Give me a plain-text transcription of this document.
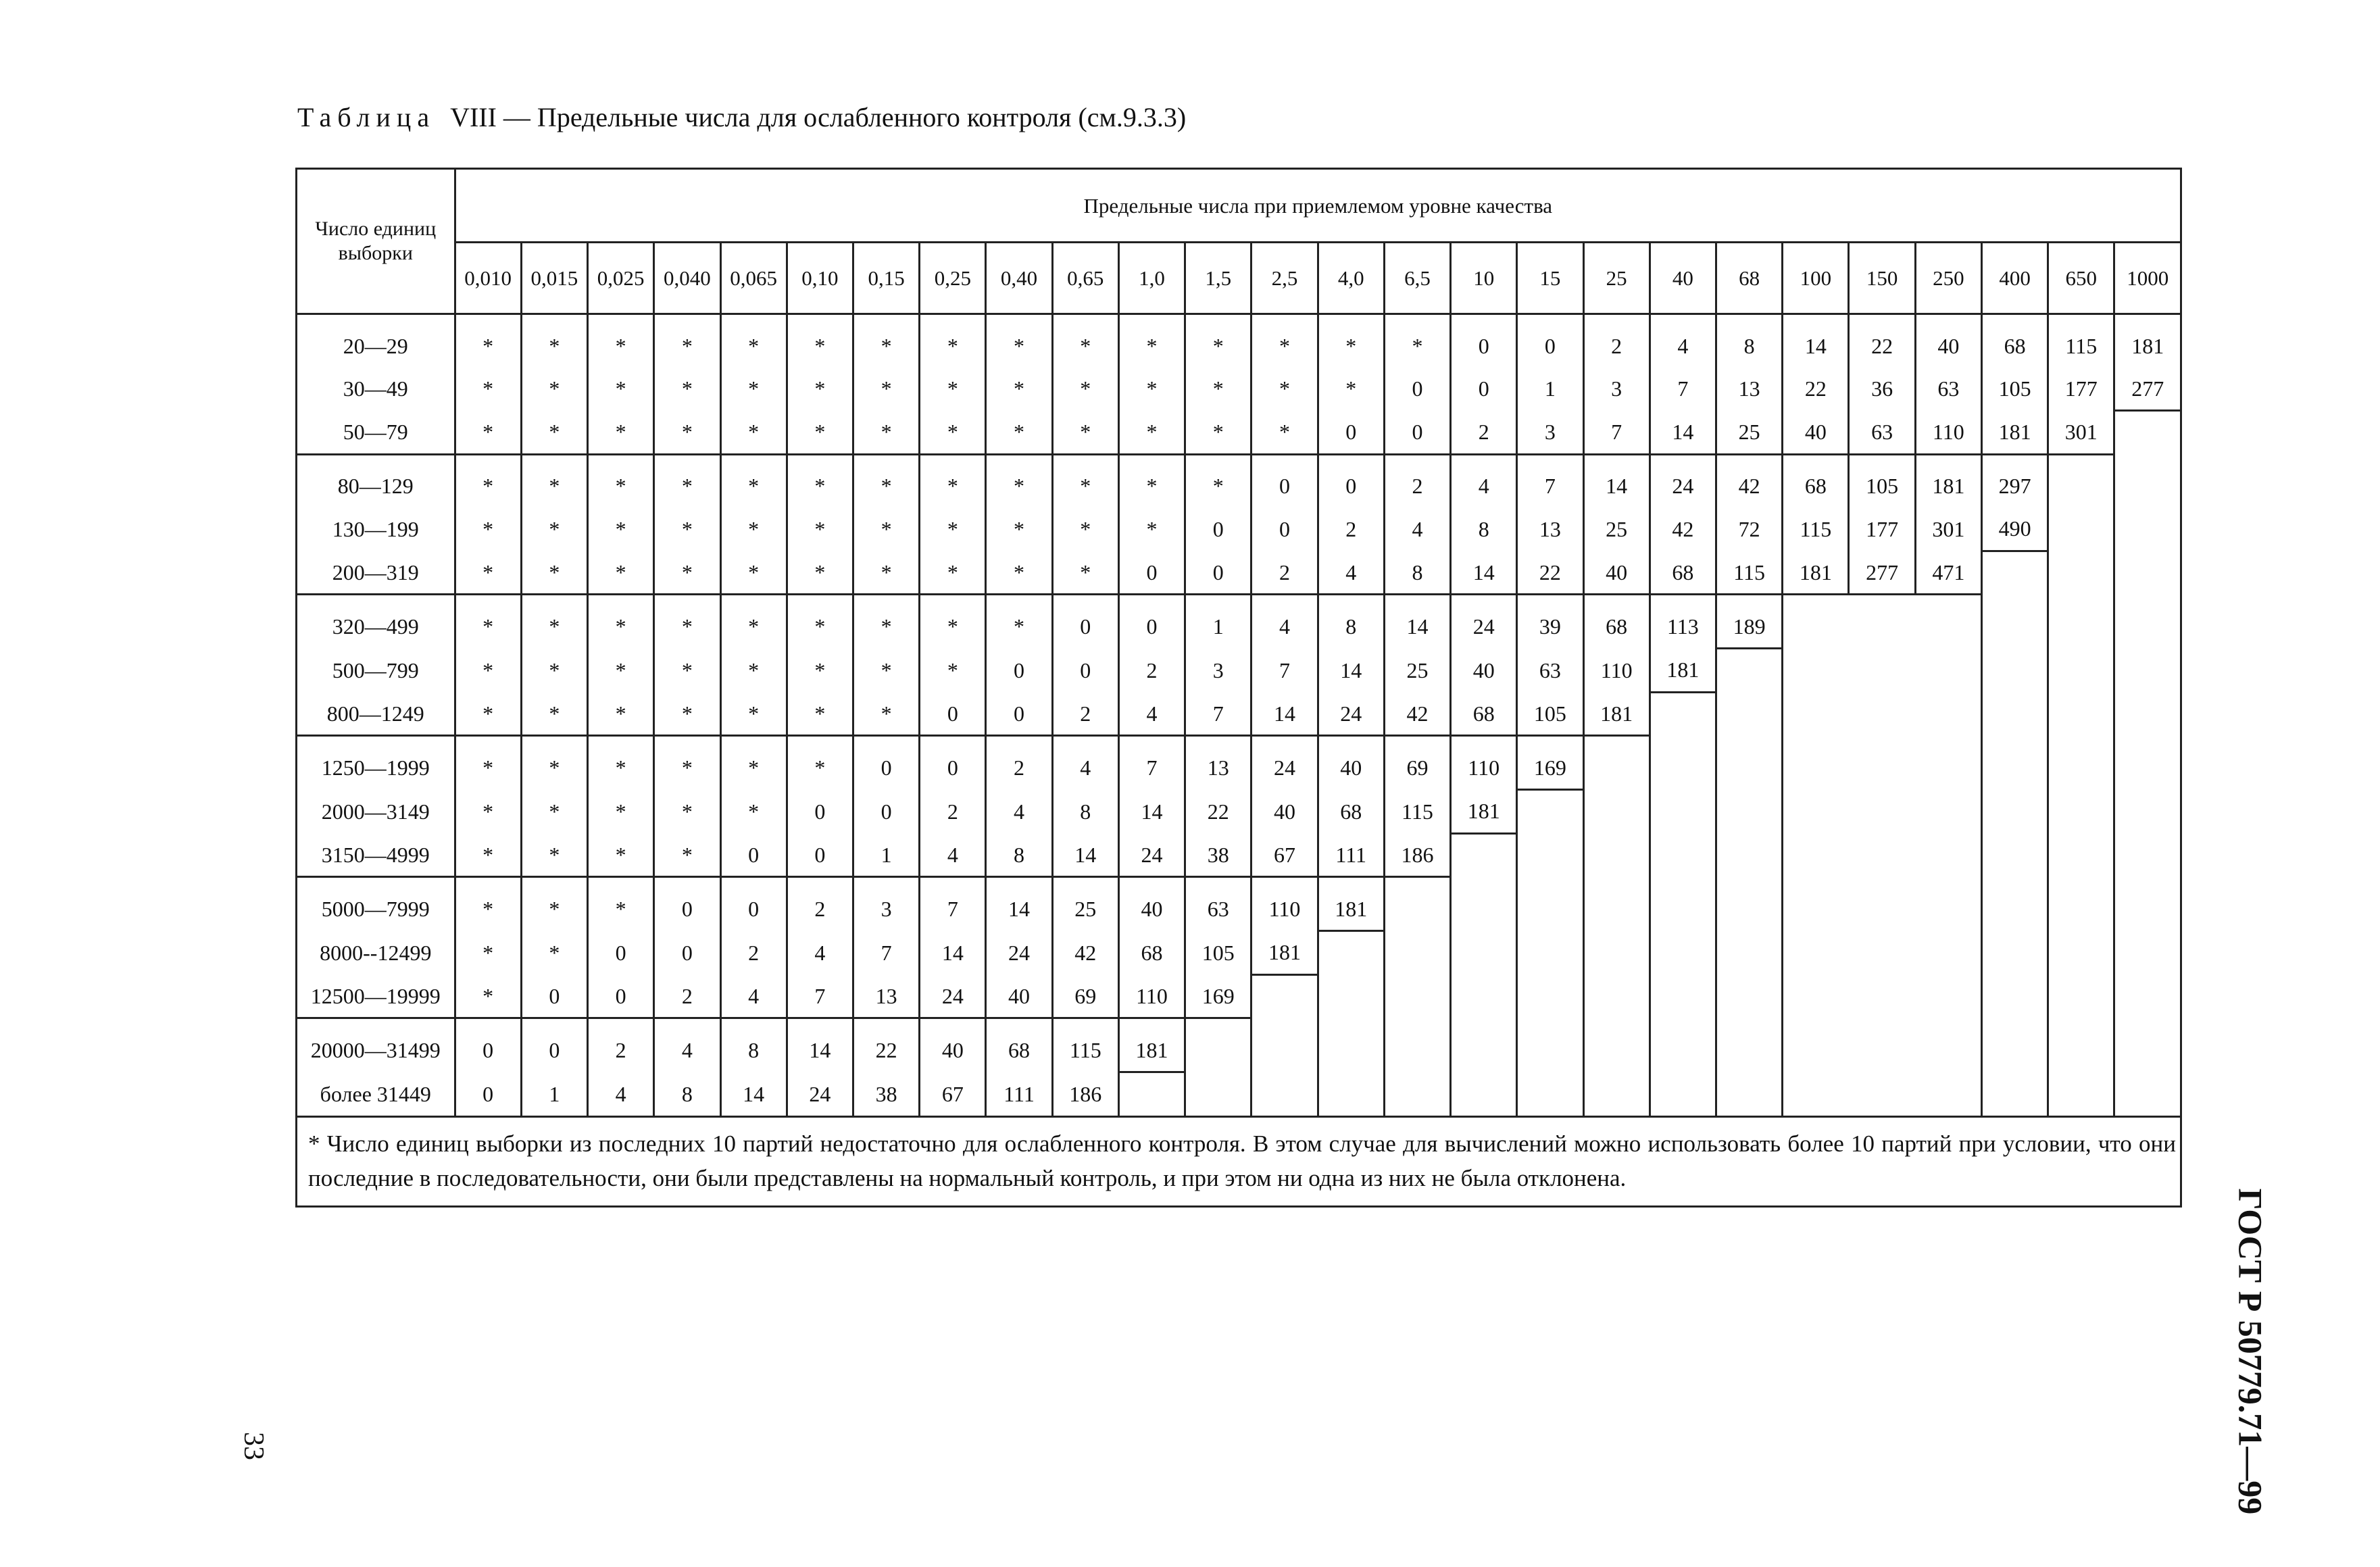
Таблица VIII — Предельные числа для ослабленного контроля (см.9.3.3)
Число единиц выборки	Предельные числа при приемлемом уровне качества																									
	0,010	0,015	0,025	0,040	0,065	0,10	0,15	0,25	0,40	0,65	1,0	1,5	2,5	4,0	6,5	10	15	25	40	68	100	150	250	400	650	1000
20—29	*	*	*	*	*	*	*	*	*	*	*	*	*	*	*	0	0	2	4	8	14	22	40	68	115	181
30—49	*	*	*	*	*	*	*	*	*	*	*	*	*	*	0	0	1	3	7	13	22	36	63	105	177	277
50—79	*	*	*	*	*	*	*	*	*	*	*	*	*	0	0	2	3	7	14	25	40	63	110	181	301	
80—129	*	*	*	*	*	*	*	*	*	*	*	*	0	0	2	4	7	14	24	42	68	105	181	297		
130—199	*	*	*	*	*	*	*	*	*	*	*	0	0	2	4	8	13	25	42	72	115	177	301	490		
200—319	*	*	*	*	*	*	*	*	*	*	0	0	2	4	8	14	22	40	68	115	181	277	471			
320—499	*	*	*	*	*	*	*	*	*	0	0	1	4	8	14	24	39	68	113	189						
500—799	*	*	*	*	*	*	*	*	0	0	2	3	7	14	25	40	63	110	181							
800—1249	*	*	*	*	*	*	*	0	0	2	4	7	14	24	42	68	105	181								
1250—1999	*	*	*	*	*	*	0	0	2	4	7	13	24	40	69	110	169									
2000—3149	*	*	*	*	*	0	0	2	4	8	14	22	40	68	115	181										
3150—4999	*	*	*	*	0	0	1	4	8	14	24	38	67	111	186											
5000—7999	*	*	*	0	0	2	3	7	14	25	40	63	110	181												
8000--12499	*	*	0	0	2	4	7	14	24	42	68	105	181													
12500—19999	*	0	0	2	4	7	13	24	40	69	110	169														
20000—31499	0	0	2	4	8	14	22	40	68	115	181															
более 31449	0	1	4	8	14	24	38	67	111	186																
* Число единиц выборки из последних 10 партий недостаточно для ослабленного контроля. В этом случае для вычислений можно использовать более 10 партий при условии, что они последние в последовательности, они были представлены на нормальный контроль, и при этом ни одна из них не была отклонена.																										
ГОСТ Р 50779.71—99
33
